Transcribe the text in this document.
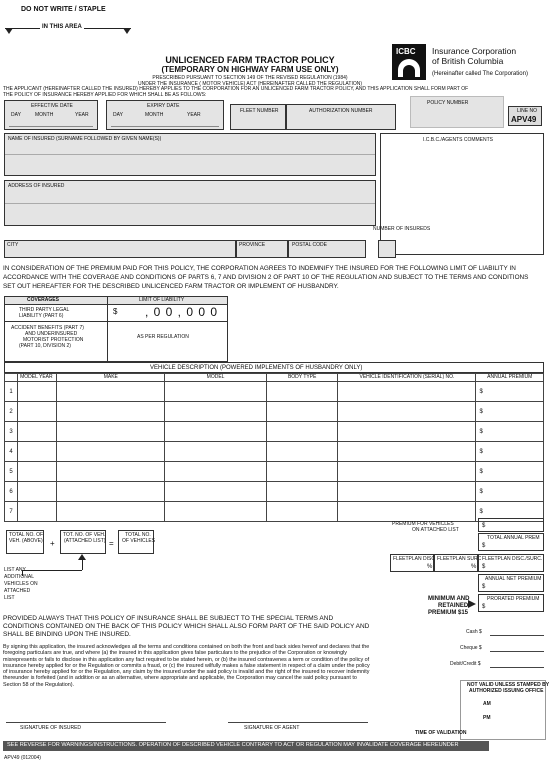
DO NOT WRITE / STAPLE
IN THIS AREA
UNLICENCED FARM TRACTOR POLICY
(TEMPORARY ON HIGHWAY FARM USE ONLY)
PRESCRIBED PURSUANT TO SECTION 149 OF THE REVISED REGULATION (1984)
UNDER THE INSURANCE ( MOTOR VEHICLE) ACT (HEREINAFTER CALLED THE REGULATION)
ICBC Insurance Corporation
of British Columbia
(Hereinafter called The Corporation)
THE APPLICANT (HEREINAFTER CALLED THE INSURED) HEREBY APPLIES TO THE CORPORATION FOR AN UNLICENCED FARM TRACTOR POLICY, AND THIS APPLICATION SHALL FORM PART OF
THE POLICY OF INSURANCE HEREBY APPLIED FOR WHICH SHALL BE AS FOLLOWS:
EFFECTIVE DATE
DAY	MONTH	YEAR
EXPIRY DATE
DAY	MONTH	YEAR
FLEET NUMBER	AUTHORIZATION NUMBER
POLICY NUMBER
LINE NO
APV49
NAME OF INSURED (SURNAME FOLLOWED BY GIVEN NAME(S))	I.C.B.C./AGENTS COMMENTS
ADDRESS OF INSURED
CITY	PROVINCE	POSTAL CODE
NUMBER OF INSUREDS
IN CONSIDERATION OF THE PREMIUM PAID FOR THIS POLICY, THE CORPORATION AGREES TO INDEMNIFY THE INSURED FOR THE FOLLOWING LIMIT OF LIABILITY IN
ACCORDANCE WITH THE COVERAGE AND CONDITIONS OF PARTS 6, 7 AND DIVISION 2 OF PART 10 OF THE REGULATION AND SUBJECT TO THE TERMS AND CONDITIONS
SET OUT HEREAFTER FOR THE DESCRIBED UNLICENCED FARM TRACTOR OR IMPLEMENT OF HUSBANDRY.
COVERAGES	LIMIT OF LIABILITY
THIRD PARTY LEGAL
LIABILITY (PART 6)	$ , 0 0 , 0 0 0
ACCIDENT BENEFITS (PART 7)
AND UNDERINSURED
MOTORIST PROTECTION
(PART 10, DIVISION 2)
AS PER REGULATION
VEHICLE DESCRIPTION (POWERED IMPLEMENTS OF HUSBANDRY ONLY)
	MODEL YEAR	MAKE	MODEL	BODY TYPE	VEHICLE IDENTIFICATION (SERIAL) NO.	ANNUAL PREMIUM
1						$
2						$
3						$
4						$
5						$
6						$
7						$
TOTAL NO. OF
VEH. (ABOVE) +
TOT. NO. OF VEH.
(ATTACHED LIST) =
TOTAL NO.
OF VEHICLES
LIST ANY
ADDITIONAL
VEHICLES ON
ATTACHED
LIST
PREMIUM FOR VEHICLES
ON ATTACHED LIST
$
TOTAL ANNUAL PREM
$
FLEETPLAN DISC
%
FLEETPLAN SURC
%
FLEETPLAN DISC./SURC.
$
ANNUAL NET PREMIUM
$
MINIMUM AND
RETAINED
PREMIUM $15
PRORATED PREMIUM
$
PROVIDED ALWAYS THAT THIS POLICY OF INSURANCE SHALL BE SUBJECT TO THE SPECIAL TERMS AND
CONDITIONS CONTAINED ON THE BACK OF THIS POLICY WHICH SHALL ALSO FORM PART OF THE SAID POLICY AND
SHALL BE BINDING UPON THE INSURED.
By signing this application, the insured acknowledges all the terms and conditions contained on both the front and back sides hereof and declares that the foregoing particulars are true, and where (a) the insured in this application gives false particulars to the prejudice of the Corporation or knowingly misrepresents or fails to disclose in this application any fact required to be stated herein, or (b) the insured contravenes a term or condition of the policy of insurance hereby applied for or the Regulation or commits a fraud, or (c) the insured wilfully makes a false statement in respect of a claim under the policy of insurance hereby applied for or the Regulation, any claim by the insured under the said policy is invalid and the right of the insured to recover indemnity thereunder is forfeited (and in addition or as an alternative, where appropriate and applicable, the Corporation may cancel the said policy pursuant to Section 58 of the Regulation).
Cash $
Cheque $
Debit/Credit $
NOT VALID UNLESS STAMPED BY
AUTHORIZED ISSUING OFFICE
AM
PM
TIME OF VALIDATION
SIGNATURE OF INSURED	SIGNATURE OF AGENT
SEE REVERSE FOR WARNINGS/INSTRUCTIONS. OPERATION OF DESCRIBED VEHICLE CONTRARY TO ACT OR REGULATION MAY INVALIDATE COVERAGE HEREUNDER
APV49 (012004)
